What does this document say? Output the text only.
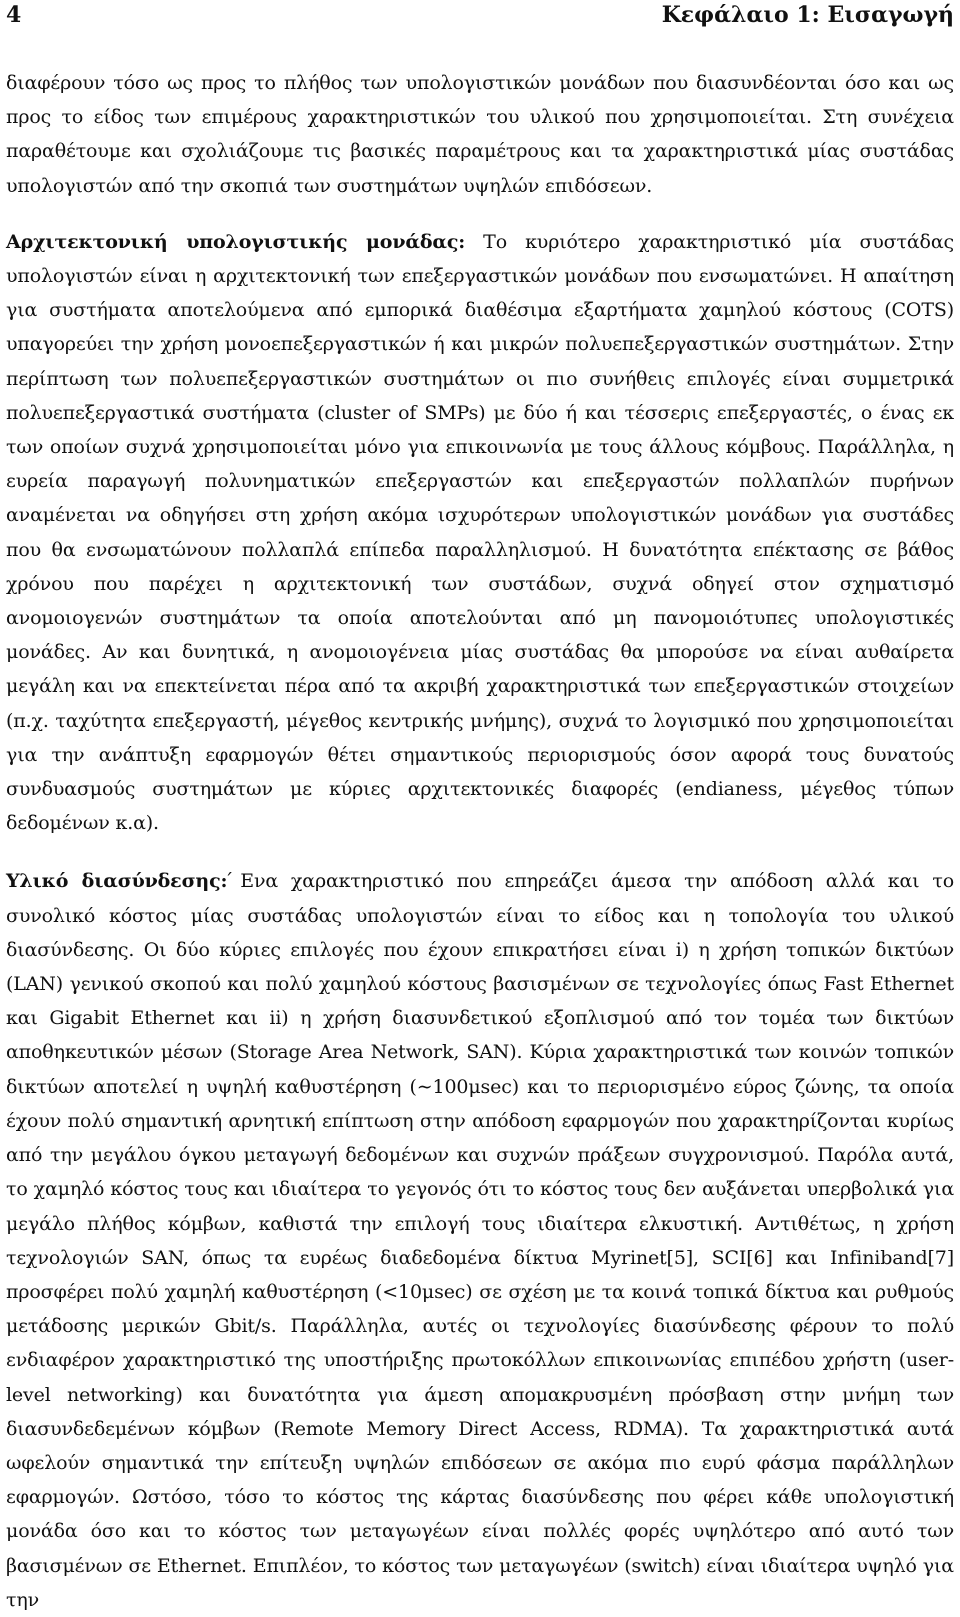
4	Κεφάλαιο 1: Εισαγωγή

διαφέρουν τόσο ως προς το πλήθος των υπολογιστικών μονάδων που διασυνδέονται όσο και ως προς το είδος των επιμέρους χαρακτηριστικών του υλικού που χρησιμοποιείται. Στη συνέχεια παραθέτουμε και σχολιάζουμε τις βασικές παραμέτρους και τα χαρακτηριστικά μίας συστάδας υπολογιστών από την σκοπιά των συστημάτων υψηλών επιδόσεων.

Αρχιτεκτονική υπολογιστικής μονάδας: Το κυριότερο χαρακτηριστικό μία συστάδας υπολογιστών είναι η αρχιτεκτονική των επεξεργαστικών μονάδων που ενσωματώνει. Η απαίτηση για συστήματα αποτελούμενα από εμπορικά διαθέσιμα εξαρτήματα χαμηλού κόστους (COTS) υπαγορεύει την χρήση μονοεπεξεργαστικών ή και μικρών πολυεπεξεργαστικών συστημάτων. Στην περίπτωση των πολυεπεξεργαστικών συστημάτων οι πιο συνήθεις επιλογές είναι συμμετρικά πολυεπεξεργαστικά συστήματα (cluster of SMPs) με δύο ή και τέσσερις επεξεργαστές, ο ένας εκ των οποίων συχνά χρησιμοποιείται μόνο για επικοινωνία με τους άλλους κόμβους. Παράλληλα, η ευρεία παραγωγή πολυνηματικών επεξεργαστών και επεξεργαστών πολλαπλών πυρήνων αναμένεται να οδηγήσει στη χρήση ακόμα ισχυρότερων υπολογιστικών μονάδων για συστάδες που θα ενσωματώνουν πολλαπλά επίπεδα παραλληλισμού. Η δυνατότητα επέκτασης σε βάθος χρόνου που παρέχει η αρχιτεκτονική των συστάδων, συχνά οδηγεί στον σχηματισμό ανομοιογενών συστημάτων τα οποία αποτελούνται από μη πανομοιότυπες υπολογιστικές μονάδες. Αν και δυνητικά, η ανομοιογένεια μίας συστάδας θα μπορούσε να είναι αυθαίρετα μεγάλη και να επεκτείνεται πέρα από τα ακριβή χαρακτηριστικά των επεξεργαστικών στοιχείων (π.χ. ταχύτητα επεξεργαστή, μέγεθος κεντρικής μνήμης), συχνά το λογισμικό που χρησιμοποιείται για την ανάπτυξη εφαρμογών θέτει σημαντικούς περιορισμούς όσον αφορά τους δυνατούς συνδυασμούς συστημάτων με κύριες αρχιτεκτονικές διαφορές (endianess, μέγεθος τύπων δεδομένων κ.α).

Υλικό διασύνδεσης: ́Ενα χαρακτηριστικό που επηρεάζει άμεσα την απόδοση αλλά και το συνολικό κόστος μίας συστάδας υπολογιστών είναι το είδος και η τοπολογία του υλικού διασύνδεσης. Οι δύο κύριες επιλογές που έχουν επικρατήσει είναι i) η χρήση τοπικών δικτύων (LAN) γενικού σκοπού και πολύ χαμηλού κόστους βασισμένων σε τεχνολογίες όπως Fast Ethernet και Gigabit Ethernet και ii) η χρήση διασυνδετικού εξοπλισμού από τον τομέα των δικτύων αποθηκευτικών μέσων (Storage Area Network, SAN). Κύρια χαρακτηριστικά των κοινών τοπικών δικτύων αποτελεί η υψηλή καθυστέρηση (∼100μsec) και το περιορισμένο εύρος ζώνης, τα οποία έχουν πολύ σημαντική αρνητική επίπτωση στην απόδοση εφαρμογών που χαρακτηρίζονται κυρίως από την μεγάλου όγκου μεταγωγή δεδομένων και συχνών πράξεων συγχρονισμού. Παρόλα αυτά, το χαμηλό κόστος τους και ιδιαίτερα το γεγονός ότι το κόστος τους δεν αυξάνεται υπερβολικά για μεγάλο πλήθος κόμβων, καθιστά την επιλογή τους ιδιαίτερα ελκυστική. Αντιθέτως, η χρήση τεχνολογιών SAN, όπως τα ευρέως διαδεδομένα δίκτυα Myrinet[5], SCI[6] και Infiniband[7] προσφέρει πολύ χαμηλή καθυστέρηση (<10μsec) σε σχέση με τα κοινά τοπικά δίκτυα και ρυθμούς μετάδοσης μερικών Gbit/s. Παράλληλα, αυτές οι τεχνολογίες διασύνδεσης φέρουν το πολύ ενδιαφέρον χαρακτηριστικό της υποστήριξης πρωτοκόλλων επικοινωνίας επιπέδου χρήστη (user-level networking) και δυνατότητα για άμεση απομακρυσμένη πρόσβαση στην μνήμη των διασυνδεδεμένων κόμβων (Remote Memory Direct Access, RDMA). Τα χαρακτηριστικά αυτά ωφελούν σημαντικά την επίτευξη υψηλών επιδόσεων σε ακόμα πιο ευρύ φάσμα παράλληλων εφαρμογών. Ωστόσο, τόσο το κόστος της κάρτας διασύνδεσης που φέρει κάθε υπολογιστική μονάδα όσο και το κόστος των μεταγωγέων είναι πολλές φορές υψηλότερο από αυτό των βασισμένων σε Ethernet. Επιπλέον, το κόστος των μεταγωγέων (switch) είναι ιδιαίτερα υψηλό για την
